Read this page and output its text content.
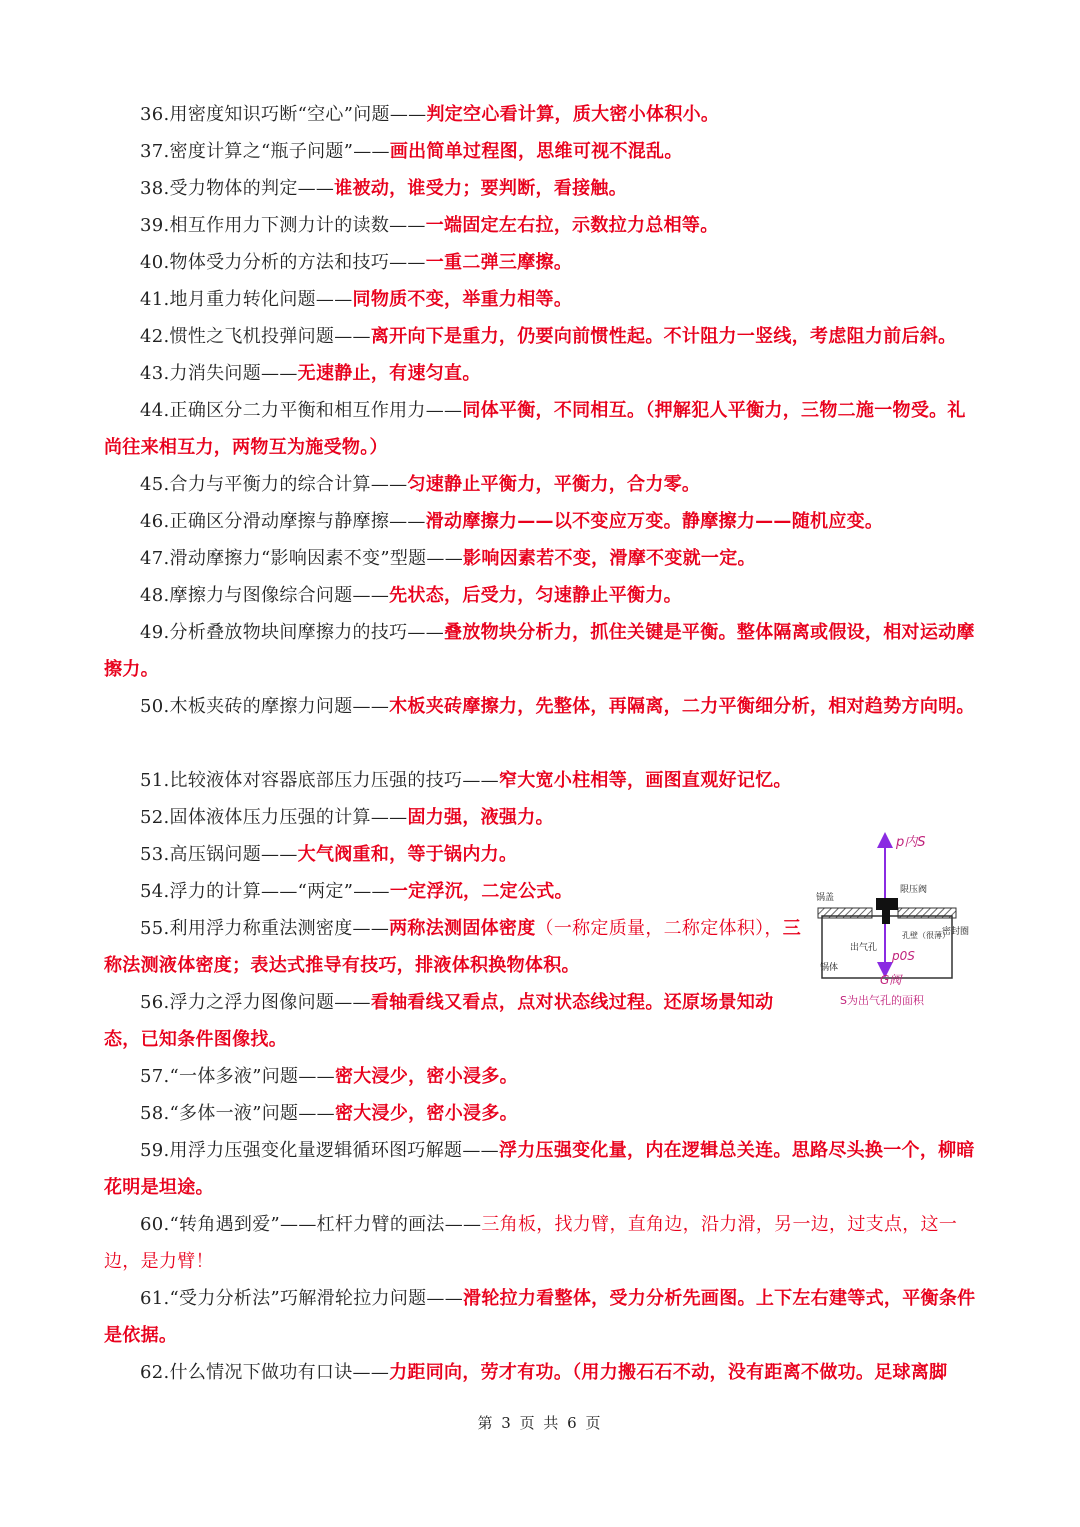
36.用密度知识巧断“空心”问题——判定空心看计算，质大密小体积小。
37.密度计算之“瓶子问题”——画出简单过程图，思维可视不混乱。
38.受力物体的判定——谁被动，谁受力；要判断，看接触。
39.相互作用力下测力计的读数——一端固定左右拉，示数拉力总相等。
40.物体受力分析的方法和技巧——一重二弹三摩擦。
41.地月重力转化问题——同物质不变，举重力相等。
42.惯性之飞机投弹问题——离开向下是重力，仍要向前惯性起。不计阻力一竖线，考虑阻力前后斜。
43.力消失问题——无速静止，有速匀直。
44.正确区分二力平衡和相互作用力——同体平衡，不同相互。（押解犯人平衡力，三物二施一物受。礼尚往来相互力，两物互为施受物。）
45.合力与平衡力的综合计算——匀速静止平衡力，平衡力，合力零。
46.正确区分滑动摩擦与静摩擦——滑动摩擦力——以不变应万变。静摩擦力——随机应变。
47.滑动摩擦力“影响因素不变”型题——影响因素若不变，滑摩不变就一定。
48.摩擦力与图像综合问题——先状态，后受力，匀速静止平衡力。
49.分析叠放物块间摩擦力的技巧——叠放物块分析力，抓住关键是平衡。整体隔离或假设，相对运动摩擦力。
50.木板夹砖的摩擦力问题——木板夹砖摩擦力，先整体，再隔离，二力平衡细分析，相对趋势方向明。
51.比较液体对容器底部压力压强的技巧——窄大宽小柱相等，画图直观好记忆。
52.固体液体压力压强的计算——固力强，液强力。
53.高压锅问题——大气阀重和，等于锅内力。
54.浮力的计算——“两定”——一定浮沉，二定公式。
55.利用浮力称重法测密度——两称法测固体密度（一称定质量，二称定体积），三称法测液体密度；表达式推导有技巧，排液体积换物体积。
56.浮力之浮力图像问题——看轴看线又看点，点对状态线过程。还原场景知动态，已知条件图像找。
57.“一体多液”问题——密大浸少，密小浸多。
58.“多体一液”问题——密大浸少，密小浸多。
59.用浮力压强变化量逻辑循环图巧解题——浮力压强变化量，内在逻辑总关连。思路尽头换一个，柳暗花明是坦途。
60.“转角遇到爱”——杠杆力臂的画法——三角板，找力臂，直角边，沿力滑，另一边，过支点，这一边，是力臂！
61.“受力分析法”巧解滑轮拉力问题——滑轮拉力看整体，受力分析先画图。上下左右建等式，平衡条件是依据。
62.什么情况下做功有口诀——力距同向，劳才有功。（用力搬石石不动，没有距离不做功。足球离脚
p内S
锅盖
限压阀
出气孔
孔壁（很薄）
密封圈
锅体
p0S
G阀
S为出气孔的面积
第 3 页 共 6 页
